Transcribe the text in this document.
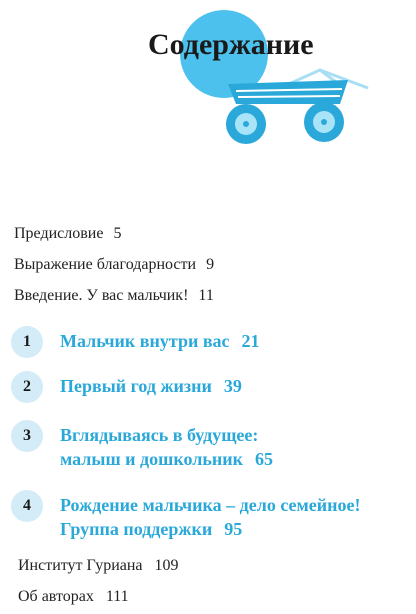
Содержание
Предисловие 5
Выражение благодарности 9
Введение. У вас мальчик! 11
1	Мальчик внутри вас 21
2	Первый год жизни 39
3	Вглядываясь в будущее:
малыш и дошкольник 65
4	Рождение мальчика – дело семейное!
Группа поддержки 95
Институт Гуриана 109
Об авторах 111
